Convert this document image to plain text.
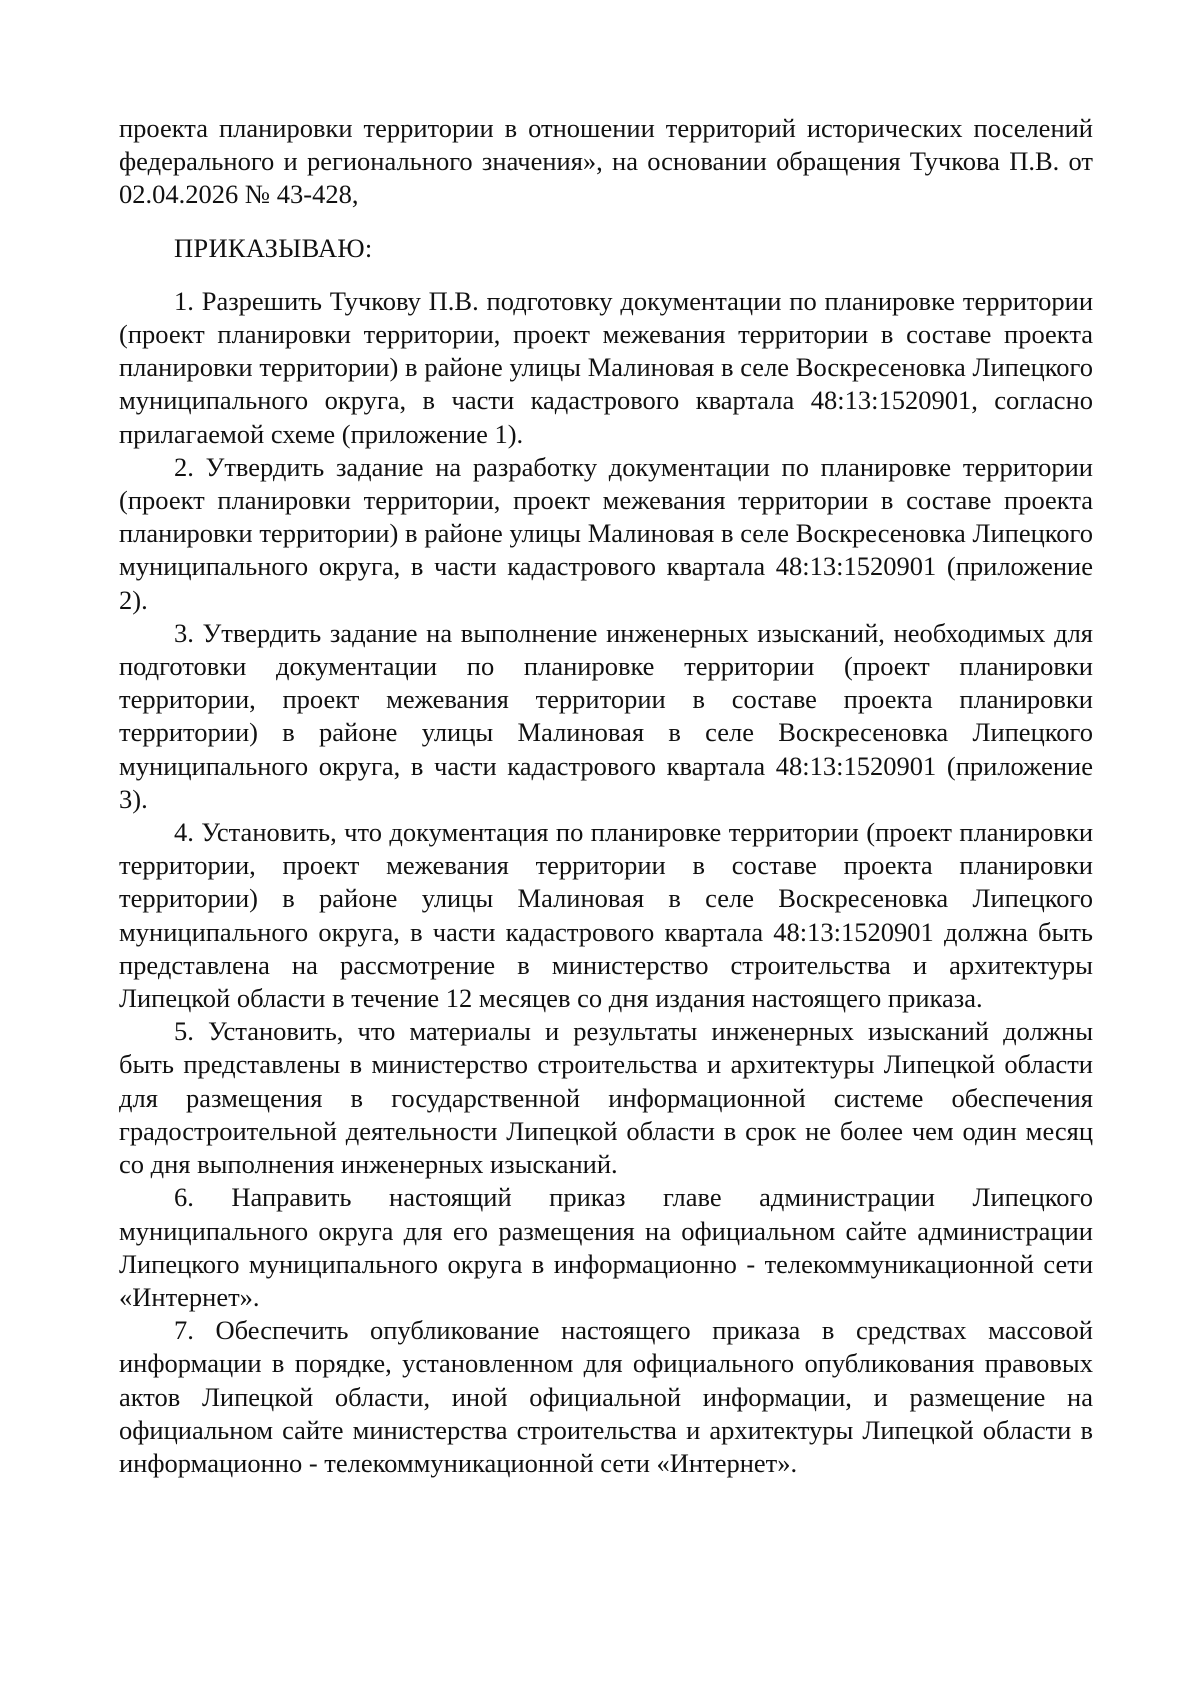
проекта планировки территории в отношении территорий исторических поселений федерального и регионального значения», на основании обращения Тучкова П.В. от 02.04.2026 № 43-428,

ПРИКАЗЫВАЮ:

1. Разрешить Тучкову П.В. подготовку документации по планировке территории (проект планировки территории, проект межевания территории в составе проекта планировки территории) в районе улицы Малиновая в селе Воскресеновка Липецкого муниципального округа, в части кадастрового квартала 48:13:1520901, согласно прилагаемой схеме (приложение 1).

2. Утвердить задание на разработку документации по планировке территории (проект планировки территории, проект межевания территории в составе проекта планировки территории) в районе улицы Малиновая в селе Воскресеновка Липецкого муниципального округа, в части кадастрового квартала 48:13:1520901 (приложение 2).

3. Утвердить задание на выполнение инженерных изысканий, необходимых для подготовки документации по планировке территории (проект планировки территории, проект межевания территории в составе проекта планировки территории) в районе улицы Малиновая в селе Воскресеновка Липецкого муниципального округа, в части кадастрового квартала 48:13:1520901 (приложение 3).

4. Установить, что документация по планировке территории (проект планировки территории, проект межевания территории в составе проекта планировки территории) в районе улицы Малиновая в селе Воскресеновка Липецкого муниципального округа, в части кадастрового квартала 48:13:1520901 должна быть представлена на рассмотрение в министерство строительства и архитектуры Липецкой области в течение 12 месяцев со дня издания настоящего приказа.

5. Установить, что материалы и результаты инженерных изысканий должны быть представлены в министерство строительства и архитектуры Липецкой области для размещения в государственной информационной системе обеспечения градостроительной деятельности Липецкой области в срок не более чем один месяц со дня выполнения инженерных изысканий.

6. Направить настоящий приказ главе администрации Липецкого муниципального округа для его размещения на официальном сайте администрации Липецкого муниципального округа в информационно - телекоммуникационной сети «Интернет».

7. Обеспечить опубликование настоящего приказа в средствах массовой информации в порядке, установленном для официального опубликования правовых актов Липецкой области, иной официальной информации, и размещение на официальном сайте министерства строительства и архитектуры Липецкой области в информационно - телекоммуникационной сети «Интернет».
